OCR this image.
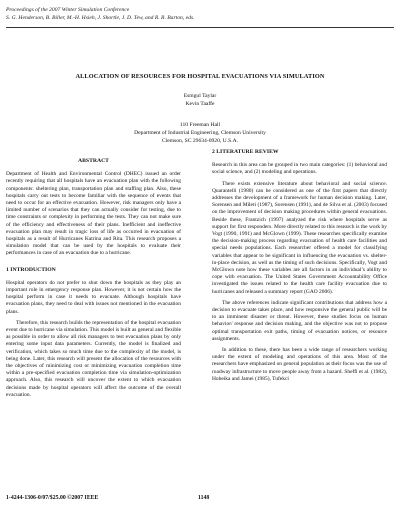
Proceedings of the 2007 Winter Simulation Conference
S. G. Henderson, B. Biller, M.-H. Hsieh, J. Shortle, J. D. Tew, and R. R. Barton, eds.
ALLOCATION OF RESOURCES FOR HOSPITAL EVACUATIONS VIA SIMULATION
Esmgul Taylar
Kevin Taaffe
110 Freeman Hall
Department of Industrial Engineering, Clemson University
Clemson, SC 29634-0920, U.S.A.
ABSTRACT

Department of Health and Environmental Control (DHEC) issued an order recently requiring that all hospitals have an evacuation plan with the following components: sheltering plan, transportation plan and staffing plan. Also, these hospitals carry out tests to become familiar with the sequence of events that need to occur for an effective evacuation. However, risk managers only have a limited number of scenarios that they can actually consider for testing, due to time constraints or complexity in performing the tests. They can not make sure of the efficiency and effectiveness of their plans. Inefficient and ineffective evacuation plan may result in tragic loss of life as occurred in evacuation of hospitals as a result of Hurricanes Katrina and Rita. This research proposes a simulation model that can be used by the hospitals to evaluate their performances in case of an evacuation due to a hurricane.

1 INTRODUCTION

Hospital operators do not prefer to shut down the hospitals as they play an important role in emergency response plan. However, it is not certain how the hospital perform in case it needs to evacuate. Although hospitals have evacuation plans, they need to deal with issues not mentioned in the evacuation plans.

Therefore, this research builds the representation of the hospital evacuation event due to hurricane via simulation. This model is built as general and flexible as possible in order to allow all risk managers to test evacuation plans by only entering some input data parameters. Currently, the model is finalized and verification, which takes so much time due to the complexity of the model, is being done. Later, this research will present the allocation of the resources with the objectives of minimizing cost or minimizing evacuation completion time within a pre-specified evacuation completion time via simulation-optimization approach. Also, this research will uncover the extent to which evacuation decisions made by hospital operators will affect the outcome of the overall evacuation.

2 LITERATURE REVIEW

Research in this area can be grouped in two main categories: (1) behavioral and social science, and (2) modeling and operations.

There exists extensive literature about behavioral and social science. Quarantelli (1980) can be considered as one of the first papers that directly addresses the development of a framework for human decision making. Later, Sorensen and Mileti (1987), Sorensen (1991), and de Silva et al. (2003) focused on the improvement of decision making procedures within general evacuations. Beside these, Frantzich (1997) analyzed the risk where hospitals serve as support for first responders. More directly related to this research is the work by Vogt (1990, 1991) and McGlown (1999). These researches specifically examine the decision-making process regarding evacuation of health care facilities and special needs populations. Each researcher offered a model for classifying variables that appear to be significant in influencing the evacuation vs. shelter-in-place decision, as well as the timing of such decisions. Specifically, Vogt and McGlown note how these variables are all factors in an individual’s ability to cope with evacuation. The United States Government Accountability Office investigated the issues related to the health care facility evacuation due to hurricanes and released a summary report (GAO 2006).

The above references indicate significant contributions that address how a decision to evacuate takes place, and how responsive the general public will be to an imminent disaster or threat. However, these studies focus on human behavior/ response and decision making, and the objective was not to propose optimal transportation exit paths, timing of evacuation notices, or resource assignments.

In addition to these, there has been a wide range of researchers working under the extent of modeling and operations of this area. Most of the researchers have emphasized on general population as their focus was the use of roadway infrastructure to move people away from a hazard. Sheffi et al. (1982), Hobeika and Jamei (1985), Tufekci

1-4244-1306-0/07/$25.00 ©2007 IEEE	1148
